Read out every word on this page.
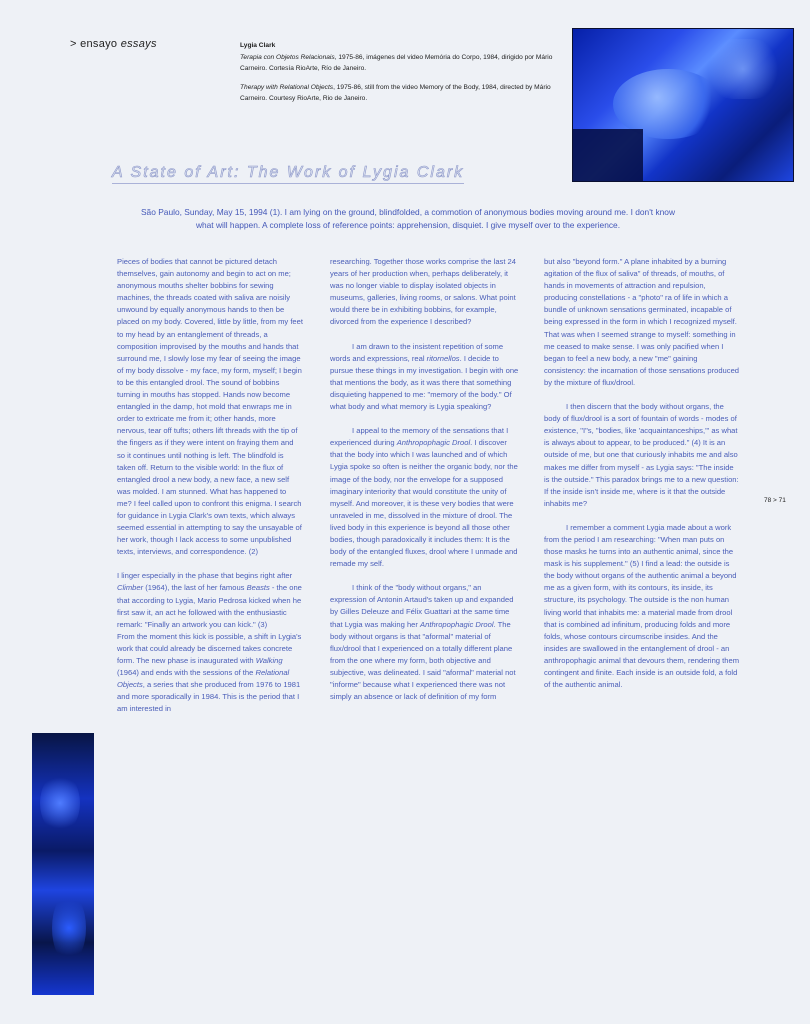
> ensayo essays	Lygia Clark
Terapia con Objetos Relacionais, 1975-86, imágenes del video Memória do Corpo, 1984, dirigido por Mário Carneiro. Cortesía RioArte, Río de Janeiro.

Therapy with Relational Objects, 1975-86, still from the video Memory of the Body, 1984, directed by Mário Carneiro. Courtesy RioArte, Rio de Janeiro.

A State of Art: The Work of Lygia Clark
São Paulo, Sunday, May 15, 1994 (1). I am lying on the ground, blindfolded, a commotion of anonymous bodies moving around me. I don't know what will happen. A complete loss of reference points: apprehension, disquiet. I give myself over to the experience.

Pieces of bodies that cannot be pictured detach themselves, gain autonomy and begin to act on me; anonymous mouths shelter bobbins for sewing machines, the threads coated with saliva are noisily unwound by equally anonymous hands to then be placed on my body. Covered, little by little, from my feet to my head by an entanglement of threads, a composition improvised by the mouths and hands that surround me, I slowly lose my fear of seeing the image of my body dissolve - my face, my form, myself; I begin to be this entangled drool. The sound of bobbins turning in mouths has stopped. Hands now become entangled in the damp, hot mold that enwraps me in order to extricate me from it; other hands, more nervous, tear off tufts; others lift threads with the tip of the fingers as if they were intent on fraying them and so it continues until nothing is left. The blindfold is taken off. Return to the visible world: In the flux of entangled drool a new body, a new face, a new self was molded. I am stunned. What has happened to me? I feel called upon to confront this enigma. I search for guidance in Lygia Clark's own texts, which always seemed essential in attempting to say the unsayable of her work, though I lack access to some unpublished texts, interviews, and correspondence. (2)

I linger especially in the phase that begins right after Climber (1964), the last of her famous Beasts - the one that according to Lygia, Mario Pedrosa kicked when he first saw it, an act he followed with the enthusiastic remark: "Finally an artwork you can kick." (3)

From the moment this kick is possible, a shift in Lygia's work that could already be discerned takes concrete form. The new phase is inaugurated with Walking (1964) and ends with the sessions of the Relational Objects, a series that she produced from 1976 to 1981 and more sporadically in 1984. This is the period that I am interested in

researching. Together those works comprise the last 24 years of her production when, perhaps deliberately, it was no longer viable to display isolated objects in museums, galleries, living rooms, or salons. What point would there be in exhibiting bobbins, for example, divorced from the experience I described?

I am drawn to the insistent repetition of some words and expressions, real ritornellos. I decide to pursue these things in my investigation. I begin with one that mentions the body, as it was there that something disquieting happened to me: "memory of the body." Of what body and what memory is Lygia speaking?

I appeal to the memory of the sensations that I experienced during Anthropophagic Drool. I discover that the body into which I was launched and of which Lygia spoke so often is neither the organic body, nor the image of the body, nor the envelope for a supposed imaginary interiority that would constitute the unity of myself. And moreover, it is these very bodies that were unraveled in me, dissolved in the mixture of drool. The lived body in this experience is beyond all those other bodies, though paradoxically it includes them: It is the body of the entangled fluxes, drool where I unmade and remade my self.

I think of the "body without organs," an expression of Antonin Artaud's taken up and expanded by Gilles Deleuze and Félix Guattari at the same time that Lygia was making her Anthropophagic Drool. The body without organs is that "aformal" material of flux/drool that I experienced on a totally different plane from the one where my form, both objective and subjective, was delineated. I said "aformal" material not "informe" because what I experienced there was not simply an absence or lack of definition of my form

but also "beyond form." A plane inhabited by a burning agitation of the flux of saliva" of threads, of mouths, of hands in movements of attraction and repulsion, producing constellations - a "photo" ra of life in which a bundle of unknown sensations germinated, incapable of being expressed in the form in which I recognized myself. That was when I seemed strange to myself: something in me ceased to make sense. I was only pacified when I began to feel a new body, a new "me" gaining consistency: the incarnation of those sensations produced by the mixture of flux/drool.

I then discern that the body without organs, the body of flux/drool is a sort of fountain of words - modes of existence, "I"s, "bodies, like 'acquaintanceships,'" as what is always about to appear, to be produced." (4) It is an outside of me, but one that curiously inhabits me and also makes me differ from myself - as Lygia says: "The inside is the outside." This paradox brings me to a new question: If the inside isn't inside me, where is it that the outside inhabits me?

I remember a comment Lygia made about a work from the period I am researching: "When man puts on those masks he turns into an authentic animal, since the mask is his supplement." (5) I find a lead: the outside is the body without organs of the authentic animal a beyond me as a given form, with its contours, its inside, its structure, its psychology. The outside is the non human living world that inhabits me: a material made from drool that is combined ad infinitum, producing folds and more folds, whose contours circumscribe insides. And the insides are swallowed in the entanglement of drool - an anthropophagic animal that devours them, rendering them contingent and finite. Each inside is an outside fold, a fold of the authentic animal.

78 > 71
